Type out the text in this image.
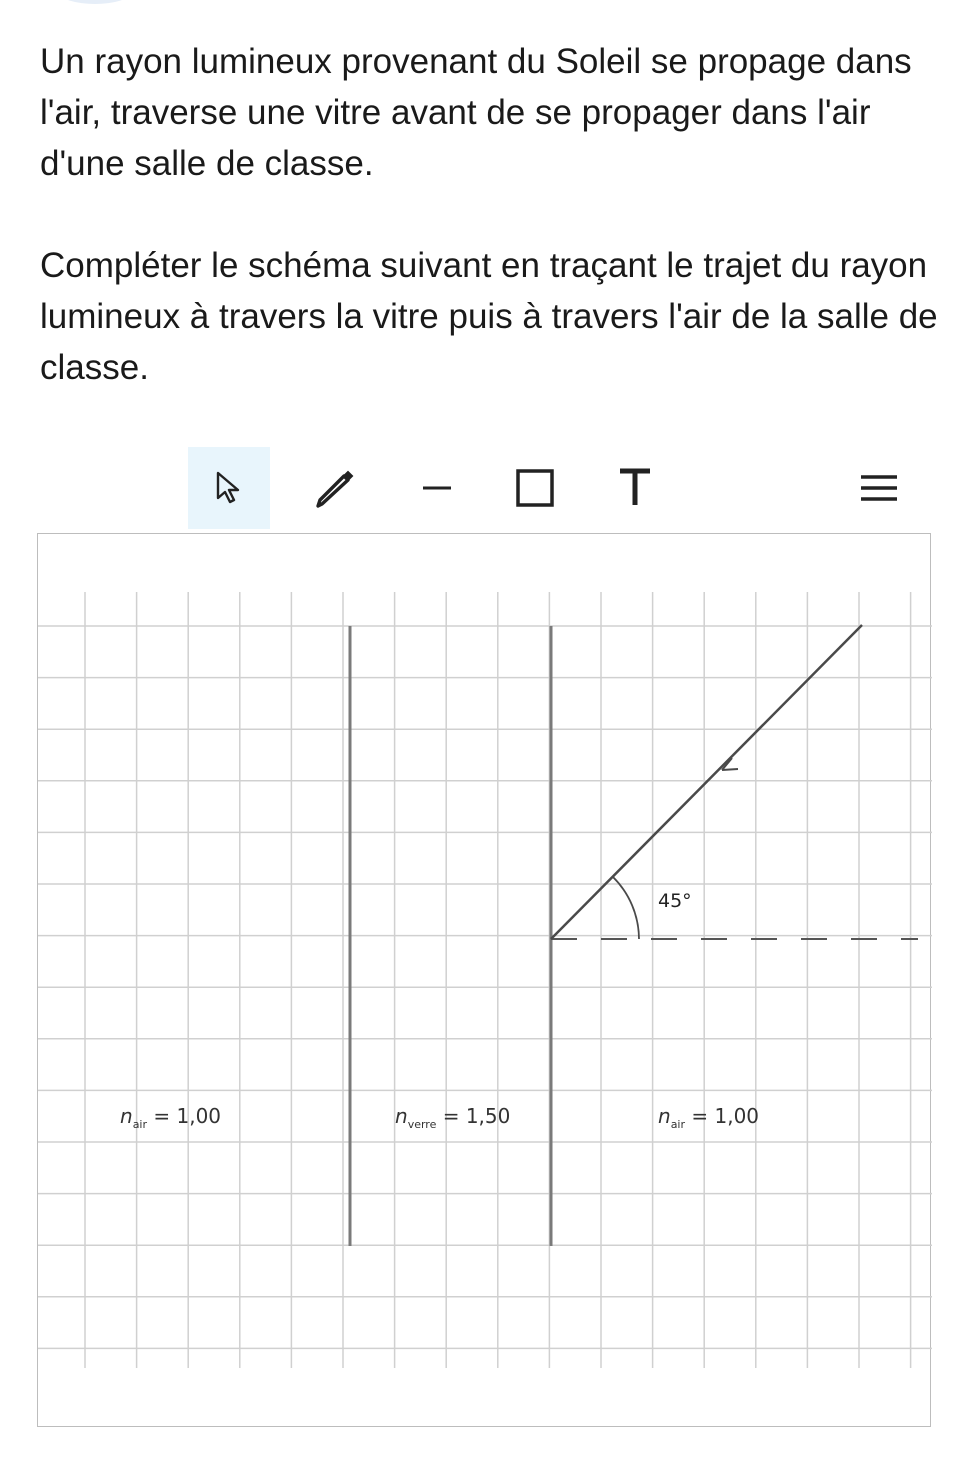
Un rayon lumineux provenant du Soleil se propage dans l'air, traverse une vitre avant de se propager dans l'air d'une salle de classe.

Compléter le schéma suivant en traçant le trajet du rayon lumineux à travers la vitre puis à travers l'air de la salle de classe.

45°
$n_{air} = 1,00$	$n_{verre} = 1,50$	$n_{air} = 1,00$
